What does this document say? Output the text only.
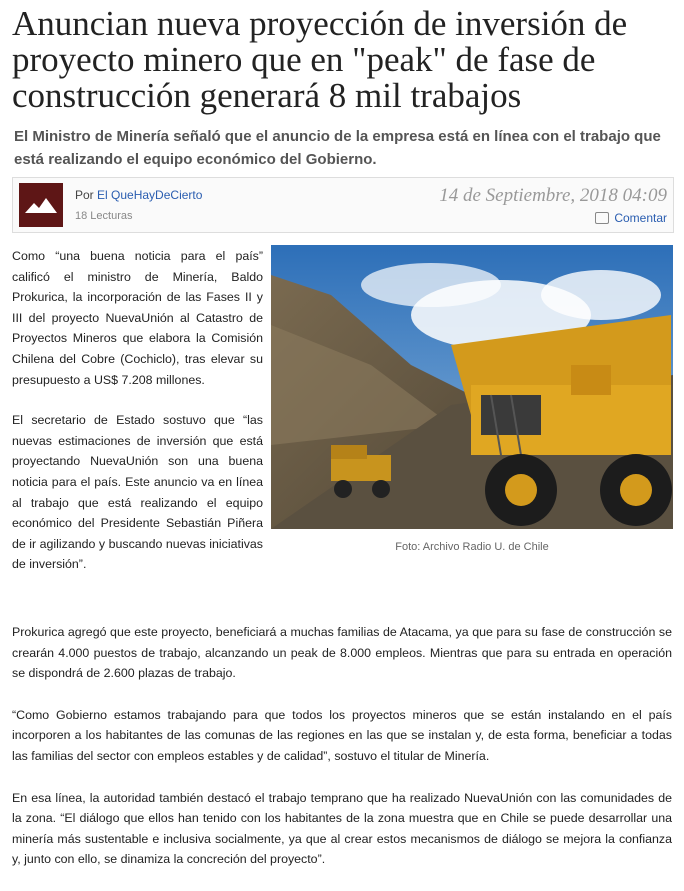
Anuncian nueva proyección de inversión de proyecto minero que en "peak" de fase de construcción generará 8 mil trabajos

El Ministro de Minería señaló que el anuncio de la empresa está en línea con el trabajo que está realizando el equipo económico del Gobierno.

Por El QueHayDeCierto
18 Lecturas
14 de Septiembre, 2018 04:09
Comentar

Como “una buena noticia para el país” calificó el ministro de Minería, Baldo Prokurica, la incorporación de las Fases II y III del proyecto NuevaUnión al Catastro de Proyectos Mineros que elabora la Comisión Chilena del Cobre (Cochiclo), tras elevar su presupuesto a US$ 7.208 millones.

El secretario de Estado sostuvo que “las nuevas estimaciones de inversión que está proyectando NuevaUnión son una buena noticia para el país. Este anuncio va en línea al trabajo que está realizando el equipo económico del Presidente Sebastián Piñera de ir agilizando y buscando nuevas iniciativas de inversión”.

Foto: Archivo Radio U. de Chile

Prokurica agregó que este proyecto, beneficiará a muchas familias de Atacama, ya que para su fase de construcción se crearán 4.000 puestos de trabajo, alcanzando un peak de 8.000 empleos. Mientras que para su entrada en operación se dispondrá de 2.600 plazas de trabajo.

“Como Gobierno estamos trabajando para que todos los proyectos mineros que se están instalando en el país incorporen a los habitantes de las comunas de las regiones en las que se instalan y, de esta forma, beneficiar a todas las familias del sector con empleos estables y de calidad”, sostuvo el titular de Minería.

En esa línea, la autoridad también destacó el trabajo temprano que ha realizado NuevaUnión con las comunidades de la zona. “El diálogo que ellos han tenido con los habitantes de la zona muestra que en Chile se puede desarrollar una minería más sustentable e inclusiva socialmente, ya que al crear estos mecanismos de diálogo se mejora la confianza y, junto con ello, se dinamiza la concreción del proyecto”.
